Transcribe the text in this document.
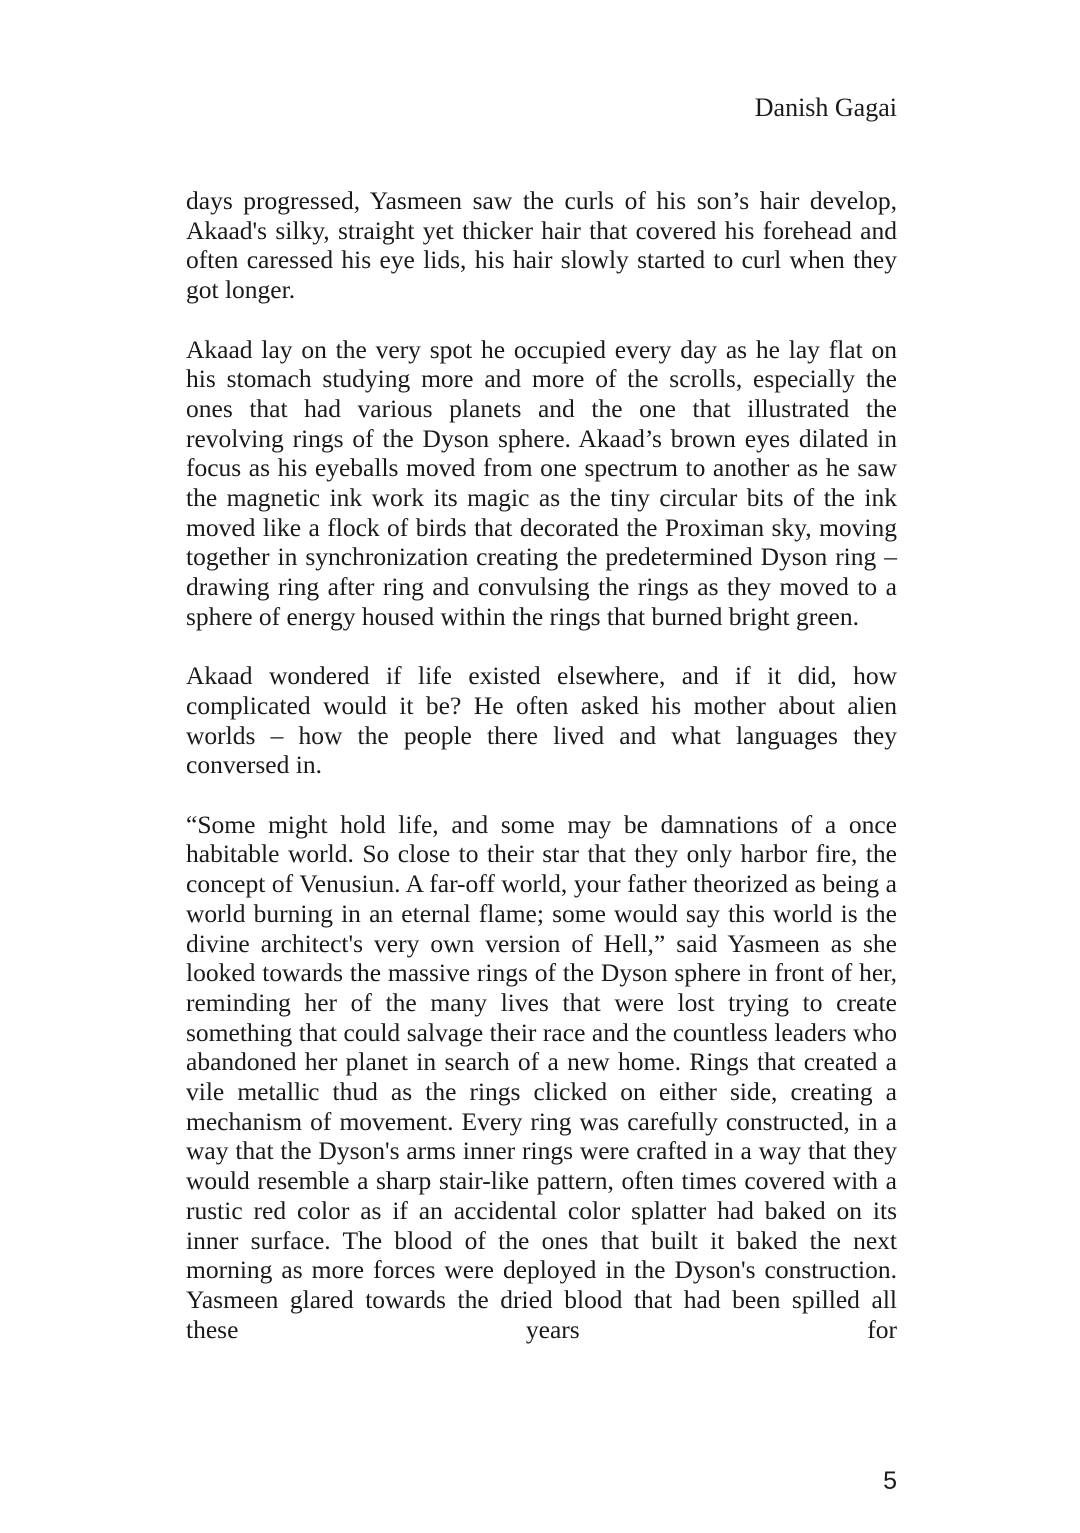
Danish Gagai

days progressed, Yasmeen saw the curls of his son’s hair develop, Akaad's silky, straight yet thicker hair that covered his forehead and often caressed his eye lids, his hair slowly started to curl when they got longer.

Akaad lay on the very spot he occupied every day as he lay flat on his stomach studying more and more of the scrolls, especially the ones that had various planets and the one that illustrated the revolving rings of the Dyson sphere. Akaad’s brown eyes dilated in focus as his eyeballs moved from one spectrum to another as he saw the magnetic ink work its magic as the tiny circular bits of the ink moved like a flock of birds that decorated the Proximan sky, moving together in synchronization creating the predetermined Dyson ring – drawing ring after ring and convulsing the rings as they moved to a sphere of energy housed within the rings that burned bright green.

Akaad wondered if life existed elsewhere, and if it did, how complicated would it be? He often asked his mother about alien worlds – how the people there lived and what languages they conversed in.

“Some might hold life, and some may be damnations of a once habitable world. So close to their star that they only harbor fire, the concept of Venusiun. A far-off world, your father theorized as being a world burning in an eternal flame; some would say this world is the divine architect's very own version of Hell,” said Yasmeen as she looked towards the massive rings of the Dyson sphere in front of her, reminding her of the many lives that were lost trying to create something that could salvage their race and the countless leaders who abandoned her planet in search of a new home. Rings that created a vile metallic thud as the rings clicked on either side, creating a mechanism of movement. Every ring was carefully constructed, in a way that the Dyson's arms inner rings were crafted in a way that they would resemble a sharp stair-like pattern, often times covered with a rustic red color as if an accidental color splatter had baked on its inner surface. The blood of the ones that built it baked the next morning as more forces were deployed in the Dyson's construction. Yasmeen glared towards the dried blood that had been spilled all these years for

5
